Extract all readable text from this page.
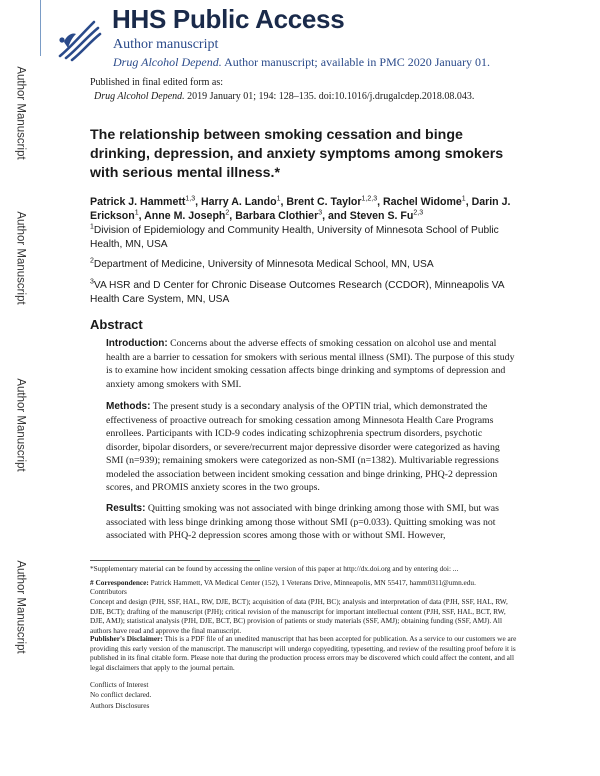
Author Manuscript
Author Manuscript
Author Manuscript
Author Manuscript
HHS Public Access
Author manuscript
Drug Alcohol Depend. Author manuscript; available in PMC 2020 January 01.
Published in final edited form as:
Drug Alcohol Depend. 2019 January 01; 194: 128–135. doi:10.1016/j.drugalcdep.2018.08.043.
The relationship between smoking cessation and binge drinking, depression, and anxiety symptoms among smokers with serious mental illness.*
Patrick J. Hammett$^{1,3}$, Harry A. Lando$^1$, Brent C. Taylor$^{1,2,3}$, Rachel Widome$^1$, Darin J. Erickson$^1$, Anne M. Joseph$^2$, Barbara Clothier$^3$, and Steven S. Fu$^{2,3}$
$^1$Division of Epidemiology and Community Health, University of Minnesota School of Public Health, MN, USA
$^2$Department of Medicine, University of Minnesota Medical School, MN, USA
$^3$VA HSR and D Center for Chronic Disease Outcomes Research (CCDOR), Minneapolis VA Health Care System, MN, USA
Abstract
Introduction: Concerns about the adverse effects of smoking cessation on alcohol use and mental health are a barrier to cessation for smokers with serious mental illness (SMI). The purpose of this study is to examine how incident smoking cessation affects binge drinking and symptoms of depression and anxiety among smokers with SMI.
Methods: The present study is a secondary analysis of the OPTIN trial, which demonstrated the effectiveness of proactive outreach for smoking cessation among Minnesota Health Care Programs enrollees. Participants with ICD-9 codes indicating schizophrenia spectrum disorders, psychotic disorder, bipolar disorders, or severe/recurrent major depressive disorder were categorized as having SMI (n=939); remaining smokers were categorized as non-SMI (n=1382). Multivariable regressions modeled the association between incident smoking cessation and binge drinking, PHQ-2 depression scores, and PROMIS anxiety scores in the two groups.
Results: Quitting smoking was not associated with binge drinking among those with SMI, but was associated with less binge drinking among those without SMI (p=0.033). Quitting smoking was not associated with PHQ-2 depression scores among those with or without SMI. However,
*Supplementary material can be found by accessing the online version of this paper at http://dx.doi.org and by entering doi: ...
# Correspondence: Patrick Hammett, VA Medical Center (152), 1 Veterans Drive, Minneapolis, MN 55417, hamm0311@umn.edu.
Contributors
Concept and design (PJH, SSF, HAL, RW, DJE, BCT); acquisition of data (PJH, BC); analysis and interpretation of data (PJH, SSF, HAL, RW, DJE, BCT); drafting of the manuscript (PJH); critical revision of the manuscript for important intellectual content (PJH, SSF, HAL, BCT, RW, DJE, AMJ); statistical analysis (PJH, DJE, BCT, BC) provision of patients or study materials (SSF, AMJ); obtaining funding (SSF, AMJ). All authors have read and approve the final manuscript.
Publisher's Disclaimer: This is a PDF file of an unedited manuscript that has been accepted for publication. As a service to our customers we are providing this early version of the manuscript. The manuscript will undergo copyediting, typesetting, and review of the resulting proof before it is published in its final citable form. Please note that during the production process errors may be discovered which could affect the content, and all legal disclaimers that apply to the journal pertain.
Conflicts of Interest
No conflict declared.
Authors Disclosures
